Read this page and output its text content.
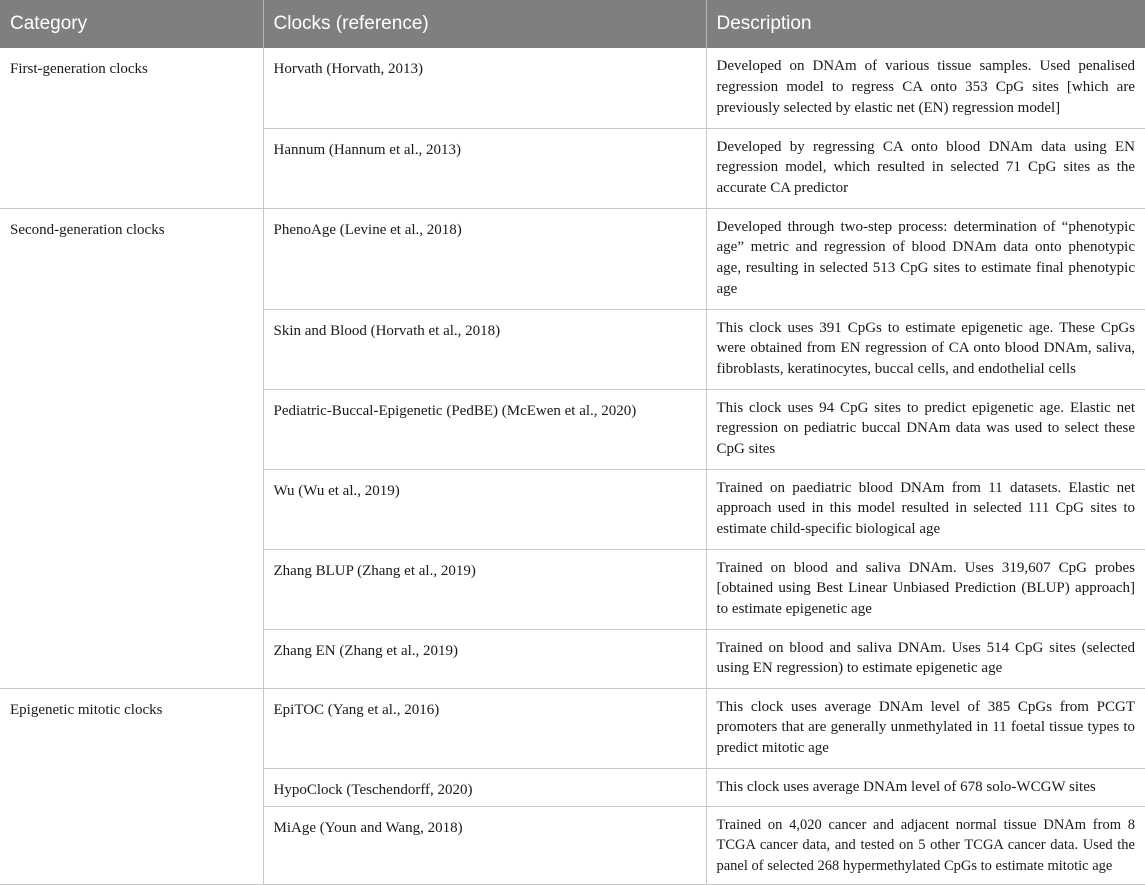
Category	Clocks (reference)	Description
First-generation clocks	Horvath (Horvath, 2013)	Developed on DNAm of various tissue samples. Used penalised regression model to regress CA onto 353 CpG sites [which are previously selected by elastic net (EN) regression model]
	Hannum (Hannum et al., 2013)	Developed by regressing CA onto blood DNAm data using EN regression model, which resulted in selected 71 CpG sites as the accurate CA predictor
Second-generation clocks	PhenoAge (Levine et al., 2018)	Developed through two-step process: determination of “phenotypic age” metric and regression of blood DNAm data onto phenotypic age, resulting in selected 513 CpG sites to estimate final phenotypic age
	Skin and Blood (Horvath et al., 2018)	This clock uses 391 CpGs to estimate epigenetic age. These CpGs were obtained from EN regression of CA onto blood DNAm, saliva, fibroblasts, keratinocytes, buccal cells, and endothelial cells
	Pediatric-Buccal-Epigenetic (PedBE) (McEwen et al., 2020)	This clock uses 94 CpG sites to predict epigenetic age. Elastic net regression on pediatric buccal DNAm data was used to select these CpG sites
	Wu (Wu et al., 2019)	Trained on paediatric blood DNAm from 11 datasets. Elastic net approach used in this model resulted in selected 111 CpG sites to estimate child-specific biological age
	Zhang BLUP (Zhang et al., 2019)	Trained on blood and saliva DNAm. Uses 319,607 CpG probes [obtained using Best Linear Unbiased Prediction (BLUP) approach] to estimate epigenetic age
	Zhang EN (Zhang et al., 2019)	Trained on blood and saliva DNAm. Uses 514 CpG sites (selected using EN regression) to estimate epigenetic age
Epigenetic mitotic clocks	EpiTOC (Yang et al., 2016)	This clock uses average DNAm level of 385 CpGs from PCGT promoters that are generally unmethylated in 11 foetal tissue types to predict mitotic age
	HypoClock (Teschendorff, 2020)	This clock uses average DNAm level of 678 solo-WCGW sites
	MiAge (Youn and Wang, 2018)	Trained on 4,020 cancer and adjacent normal tissue DNAm from 8 TCGA cancer data, and tested on 5 other TCGA cancer data. Used the panel of selected 268 hypermethylated CpGs to estimate mitotic age
